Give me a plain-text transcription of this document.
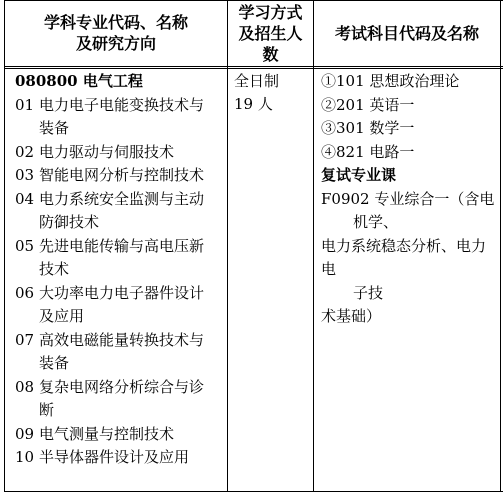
学科专业代码、名称
及研究方向
学习方式
及招生人
数
考试科目代码及名称
080800 电气工程
01 电力电子电能变换技术与
装备
02 电力驱动与伺服技术
03 智能电网分析与控制技术
04 电力系统安全监测与主动
防御技术
05 先进电能传输与高电压新
技术
06 大功率电力电子器件设计
及应用
07 高效电磁能量转换技术与
装备
08 复杂电网络分析综合与诊
断
09 电气测量与控制技术
10 半导体器件设计及应用
全日制
19 人
①101 思想政治理论
②201 英语一
③301 数学一
④821 电路一
复试专业课
F0902 专业综合一（含电
机学、
电力系统稳态分析、电力电
子技
术基础）
